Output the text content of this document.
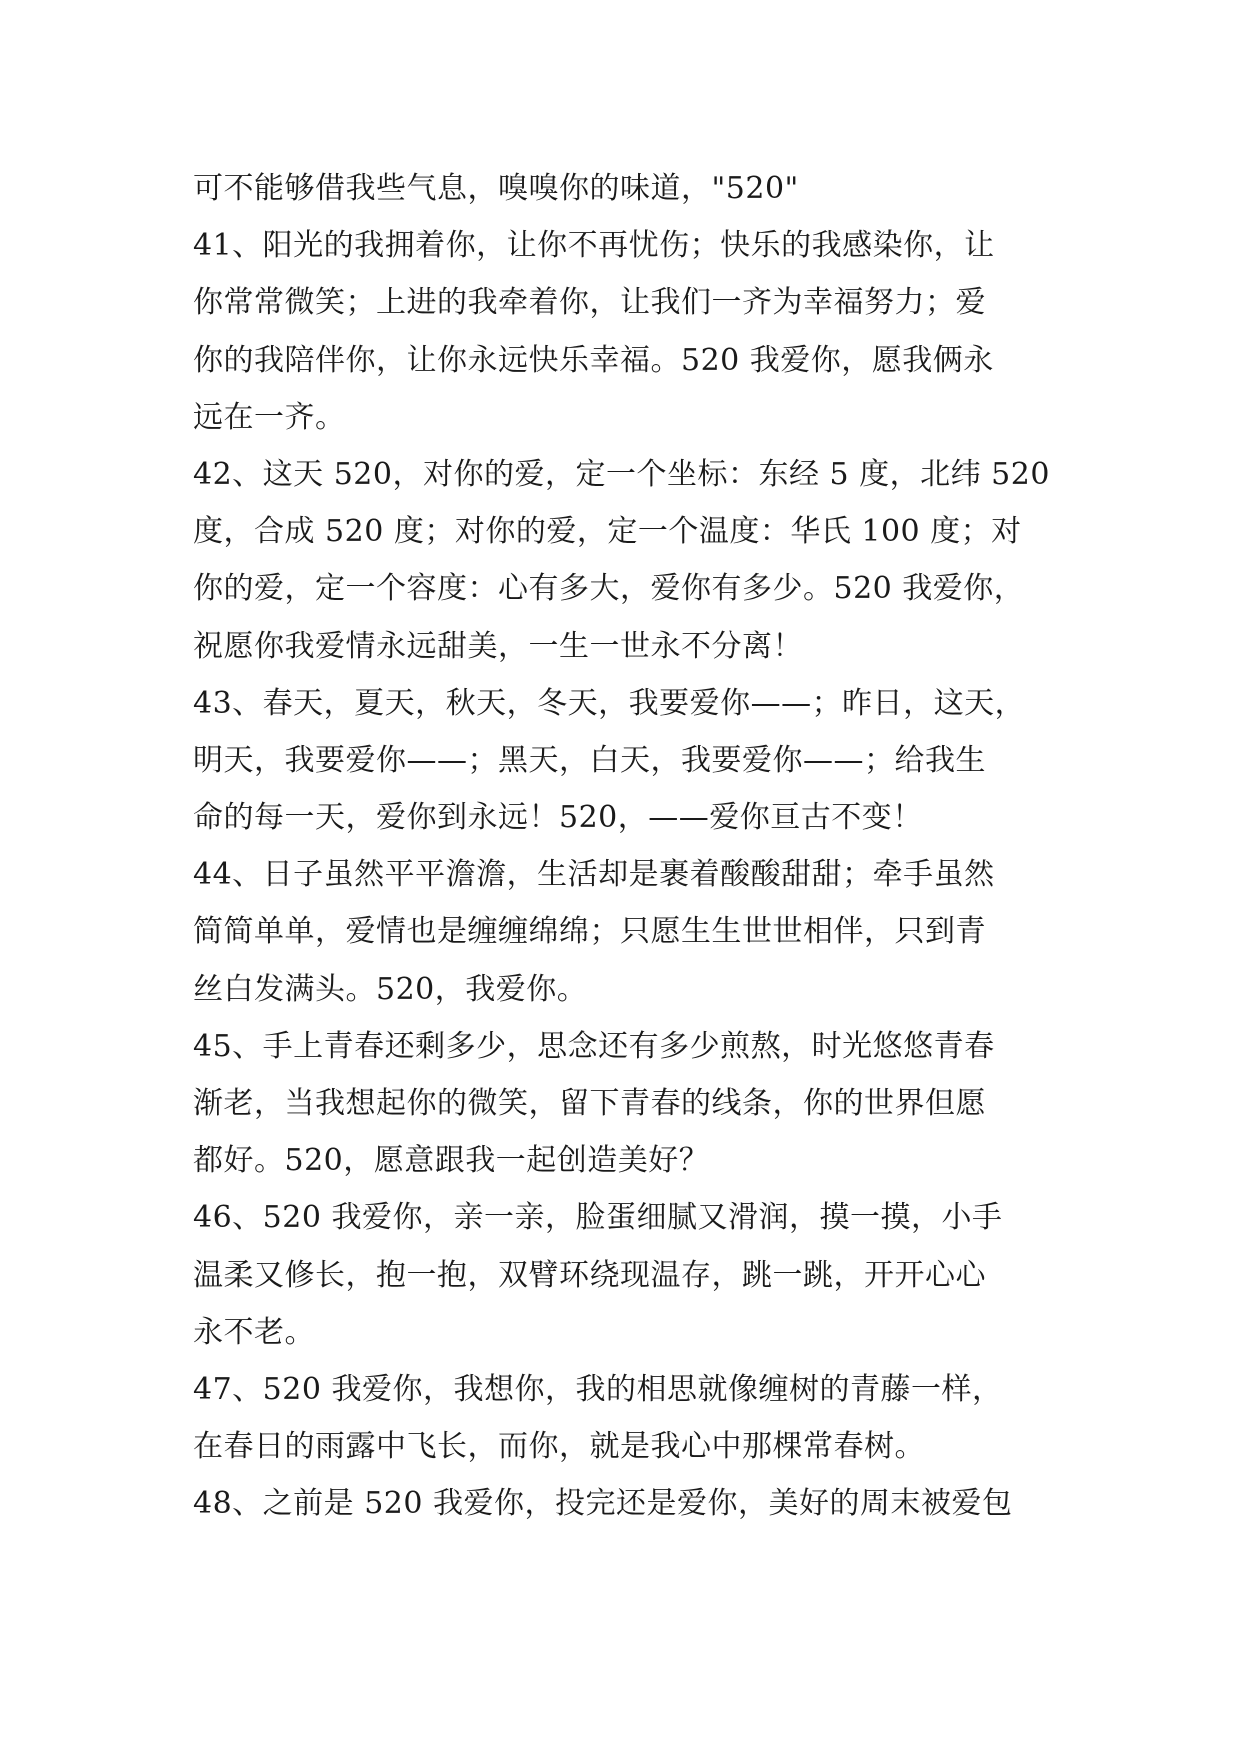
可不能够借我些气息，嗅嗅你的味道，"520"

41、阳光的我拥着你，让你不再忧伤；快乐的我感染你，让

你常常微笑；上进的我牵着你，让我们一齐为幸福努力；爱

你的我陪伴你，让你永远快乐幸福。520 我爱你，愿我俩永

远在一齐。

42、这天 520，对你的爱，定一个坐标：东经 5 度，北纬 520

度，合成 520 度；对你的爱，定一个温度：华氏 100 度；对

你的爱，定一个容度：心有多大，爱你有多少。520 我爱你，

祝愿你我爱情永远甜美，一生一世永不分离！

43、春天，夏天，秋天，冬天，我要爱你——；昨日，这天，

明天，我要爱你——；黑天，白天，我要爱你——；给我生

命的每一天，爱你到永远！520，——爱你亘古不变！

44、日子虽然平平澹澹，生活却是裹着酸酸甜甜；牵手虽然

简简单单，爱情也是缠缠绵绵；只愿生生世世相伴，只到青

丝白发满头。520，我爱你。

45、手上青春还剩多少，思念还有多少煎熬，时光悠悠青春

渐老，当我想起你的微笑，留下青春的线条，你的世界但愿

都好。520，愿意跟我一起创造美好？

46、520 我爱你，亲一亲，脸蛋细腻又滑润，摸一摸，小手

温柔又修长，抱一抱，双臂环绕现温存，跳一跳，开开心心

永不老。

47、520 我爱你，我想你，我的相思就像缠树的青藤一样，

在春日的雨露中飞长，而你，就是我心中那棵常春树。

48、之前是 520 我爱你，投完还是爱你，美好的周末被爱包
